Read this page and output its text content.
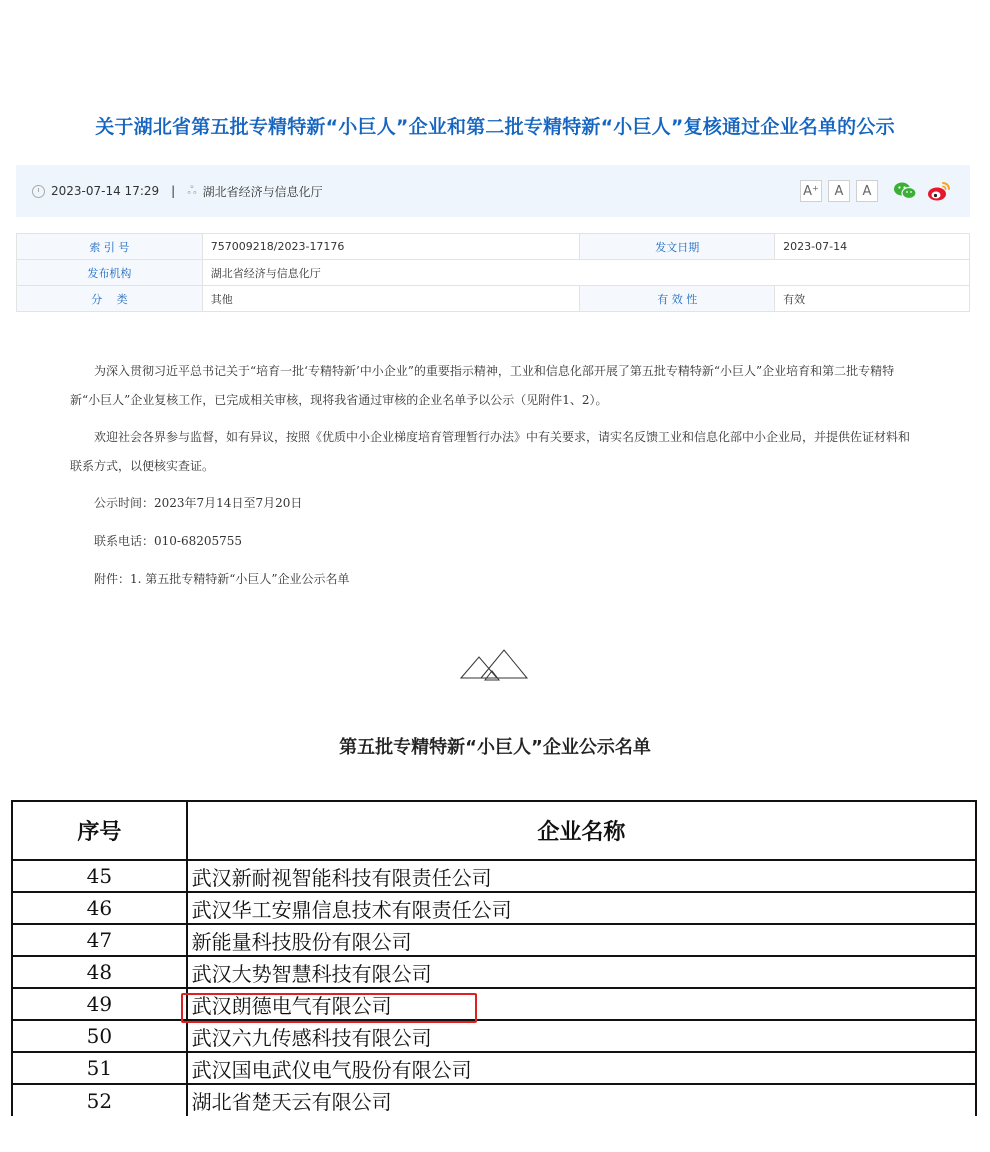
关于湖北省第五批专精特新“小巨人”企业和第二批专精特新“小巨人”复核通过企业名单的公示
2023-07-14 17:29 | ஃ 湖北省经济与信息化厅	A⁺	A	A
索 引 号	757009218/2023-17176	发文日期	2023-07-14
发布机构	湖北省经济与信息化厅		
分　 类	其他	有 效 性	有效

为深入贯彻习近平总书记关于“培育一批‘专精特新’中小企业”的重要指示精神，工业和信息化部开展了第五批专精特新“小巨人”企业培育和第二批专精特新“小巨人”企业复核工作，已完成相关审核，现将我省通过审核的企业名单予以公示（见附件1、2）。

欢迎社会各界参与监督，如有异议，按照《优质中小企业梯度培育管理暂行办法》中有关要求，请实名反馈工业和信息化部中小企业局，并提供佐证材料和联系方式，以便核实查证。

公示时间：2023年7月14日至7月20日

联系电话：010-68205755

附件：1. 第五批专精特新“小巨人”企业公示名单

第五批专精特新“小巨人”企业公示名单
序号	企业名称
45	武汉新耐视智能科技有限责任公司
46	武汉华工安鼎信息技术有限责任公司
47	新能量科技股份有限公司
48	武汉大势智慧科技有限公司
49	武汉朗德电气有限公司
50	武汉六九传感科技有限公司
51	武汉国电武仪电气股份有限公司
52	湖北省楚天云有限公司
